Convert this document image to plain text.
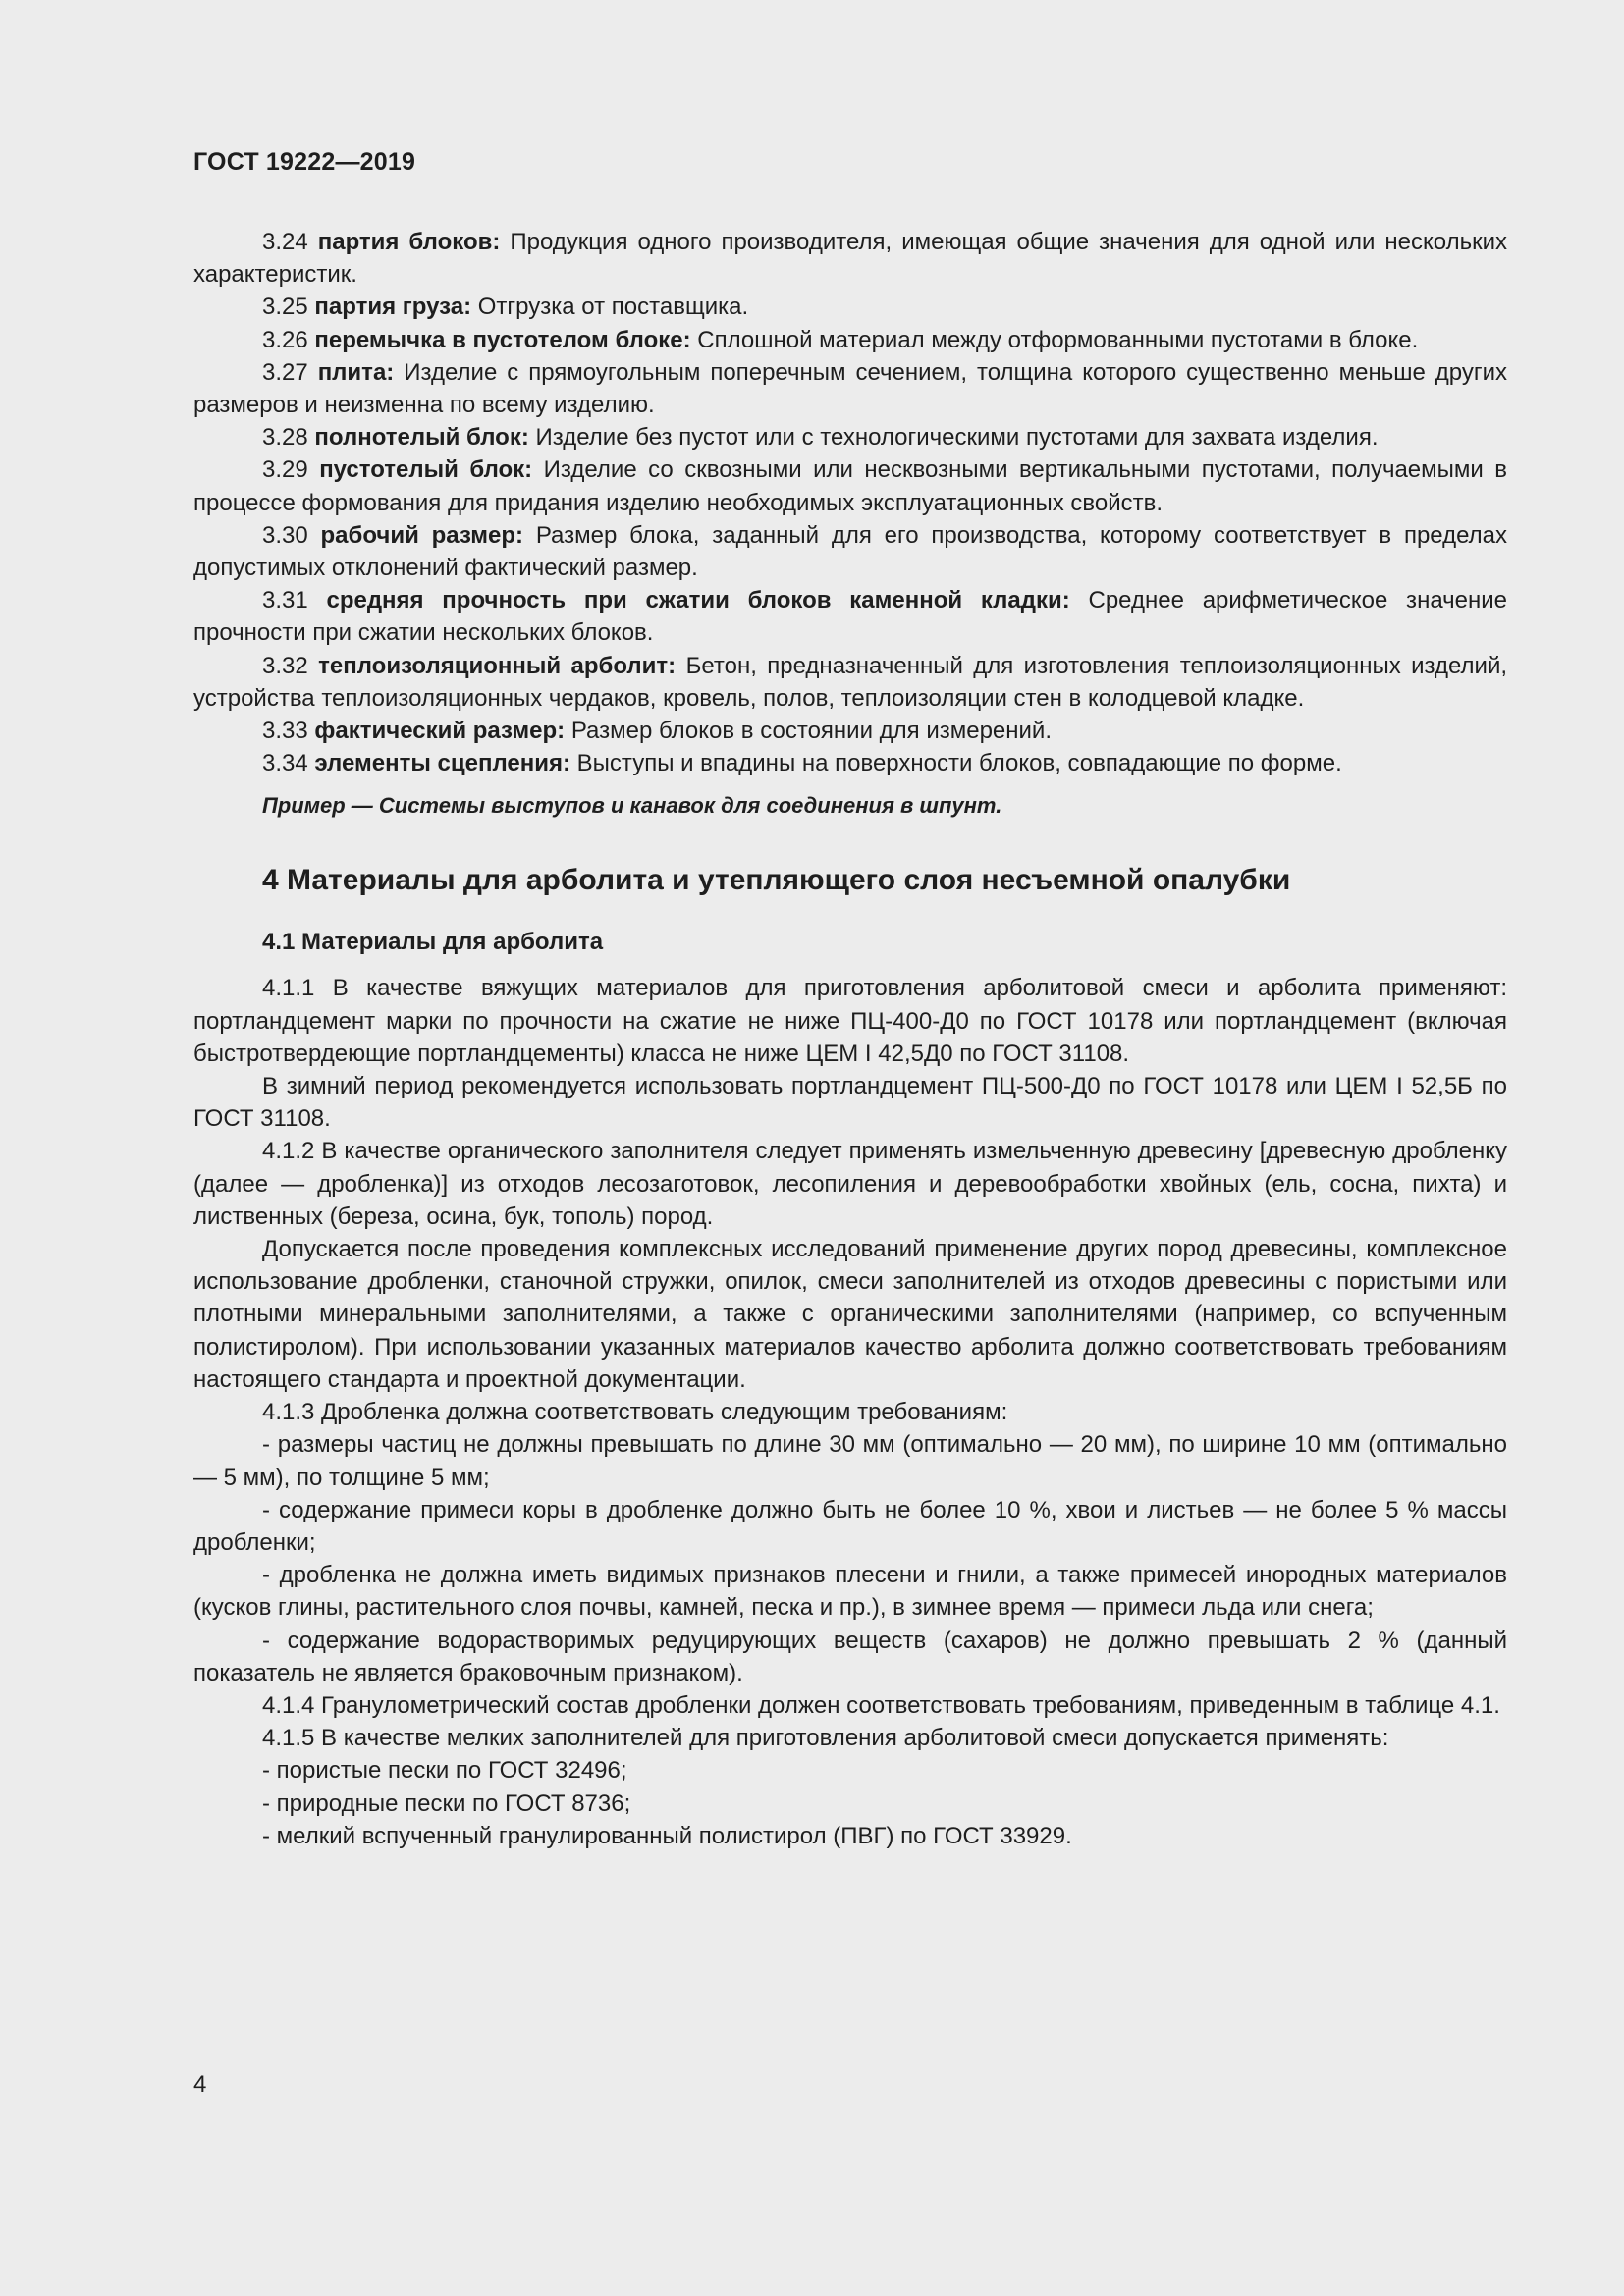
ГОСТ 19222—2019

3.24 партия блоков: Продукция одного производителя, имеющая общие значения для одной или нескольких характеристик.

3.25 партия груза: Отгрузка от поставщика.

3.26 перемычка в пустотелом блоке: Сплошной материал между отформованными пустотами в блоке.

3.27 плита: Изделие с прямоугольным поперечным сечением, толщина которого существенно меньше других размеров и неизменна по всему изделию.

3.28 полнотелый блок: Изделие без пустот или с технологическими пустотами для захвата изделия.

3.29 пустотелый блок: Изделие со сквозными или несквозными вертикальными пустотами, получаемыми в процессе формования для придания изделию необходимых эксплуатационных свойств.

3.30 рабочий размер: Размер блока, заданный для его производства, которому соответствует в пределах допустимых отклонений фактический размер.

3.31 средняя прочность при сжатии блоков каменной кладки: Среднее арифметическое значение прочности при сжатии нескольких блоков.

3.32 теплоизоляционный арболит: Бетон, предназначенный для изготовления теплоизоляционных изделий, устройства теплоизоляционных чердаков, кровель, полов, теплоизоляции стен в колодцевой кладке.

3.33 фактический размер: Размер блоков в состоянии для измерений.

3.34 элементы сцепления: Выступы и впадины на поверхности блоков, совпадающие по форме.

Пример — Системы выступов и канавок для соединения в шпунт.

4 Материалы для арболита и утепляющего слоя несъемной опалубки
4.1 Материалы для арболита

4.1.1 В качестве вяжущих материалов для приготовления арболитовой смеси и арболита применяют: портландцемент марки по прочности на сжатие не ниже ПЦ-400-Д0 по ГОСТ 10178 или портландцемент (включая быстротвердеющие портландцементы) класса не ниже ЦЕМ I 42,5Д0 по ГОСТ 31108.

В зимний период рекомендуется использовать портландцемент ПЦ-500-Д0 по ГОСТ 10178 или ЦЕМ I 52,5Б по ГОСТ 31108.

4.1.2 В качестве органического заполнителя следует применять измельченную древесину [древесную дробленку (далее — дробленка)] из отходов лесозаготовок, лесопиления и деревообработки хвойных (ель, сосна, пихта) и лиственных (береза, осина, бук, тополь) пород.

Допускается после проведения комплексных исследований применение других пород древесины, комплексное использование дробленки, станочной стружки, опилок, смеси заполнителей из отходов древесины с пористыми или плотными минеральными заполнителями, а также с органическими заполнителями (например, со вспученным полистиролом). При использовании указанных материалов качество арболита должно соответствовать требованиям настоящего стандарта и проектной документации.

4.1.3 Дробленка должна соответствовать следующим требованиям:

- размеры частиц не должны превышать по длине 30 мм (оптимально — 20 мм), по ширине 10 мм (оптимально — 5 мм), по толщине 5 мм;

- содержание примеси коры в дробленке должно быть не более 10 %, хвои и листьев — не более 5 % массы дробленки;

- дробленка не должна иметь видимых признаков плесени и гнили, а также примесей инородных материалов (кусков глины, растительного слоя почвы, камней, песка и пр.), в зимнее время — примеси льда или снега;

- содержание водорастворимых редуцирующих веществ (сахаров) не должно превышать 2 % (данный показатель не является браковочным признаком).

4.1.4 Гранулометрический состав дробленки должен соответствовать требованиям, приведенным в таблице 4.1.

4.1.5 В качестве мелких заполнителей для приготовления арболитовой смеси допускается применять:

- пористые пески по ГОСТ 32496;

- природные пески по ГОСТ 8736;

- мелкий вспученный гранулированный полистирол (ПВГ) по ГОСТ 33929.

4
